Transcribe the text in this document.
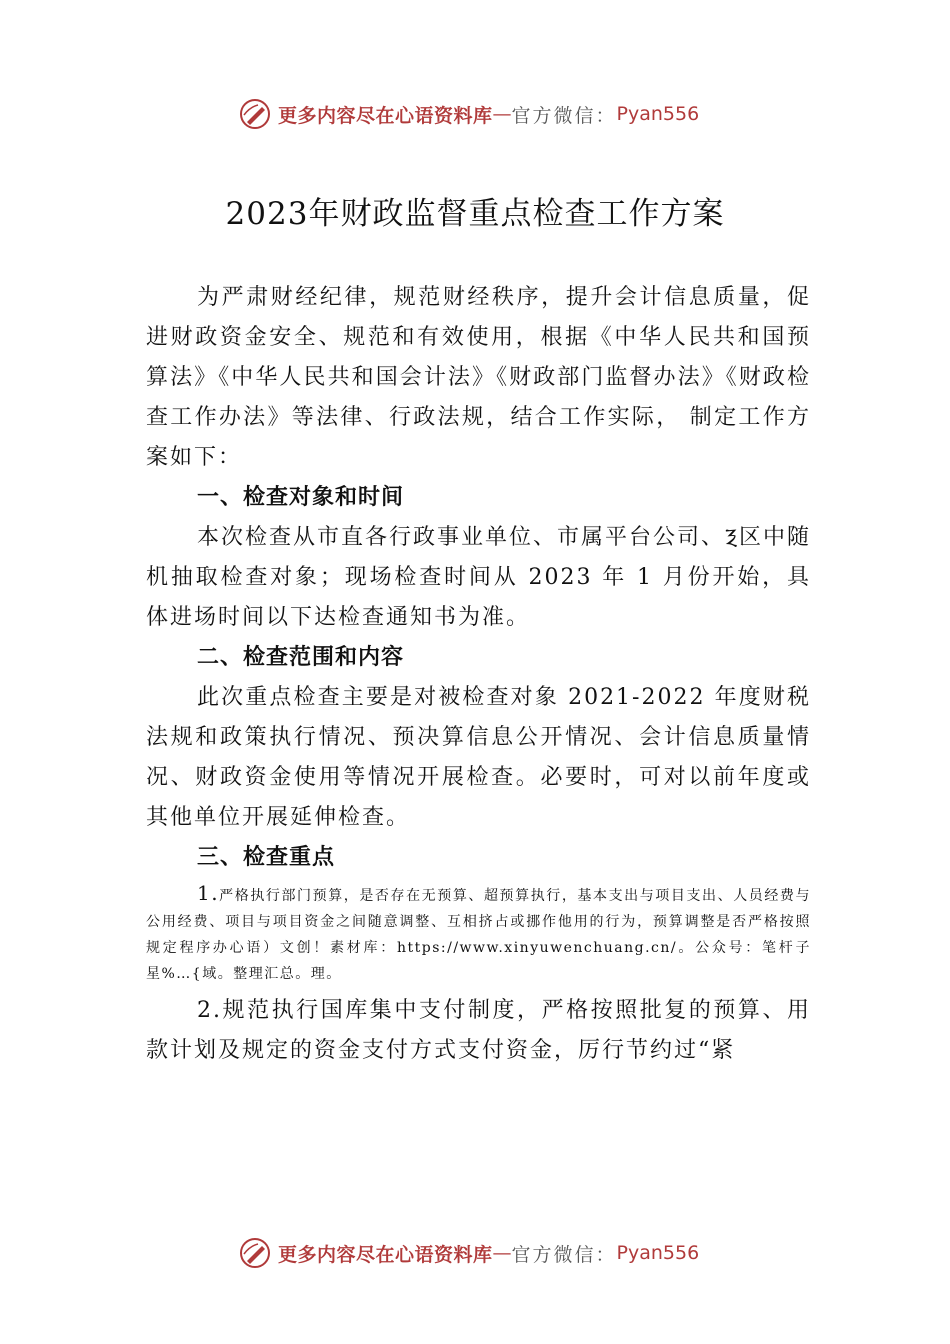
更多内容尽在心语资料库 — 官方微信： Pyan556
2023年财政监督重点检查工作方案
为严肃财经纪律，规范财经秩序，提升会计信息质量，促进财政资金安全、规范和有效使用，根据《中华人民共和国预算法》《中华人民共和国会计法》《财政部门监督办法》《财政检查工作办法》等法律、行政法规，结合工作实际， 制定工作方案如下：
一、检查对象和时间
本次检查从市直各行政事业单位、市属平台公司、Ⲝ区中随机抽取检查对象；现场检查时间从 2023 年 1 月份开始，具体进场时间以下达检查通知书为准。
二、检查范围和内容
此次重点检查主要是对被检查对象 2021-2022 年度财税法规和政策执行情况、预决算信息公开情况、会计信息质量情况、财政资金使用等情况开展检查。必要时，可对以前年度或其他单位开展延伸检查。
三、检查重点
1.严格执行部门预算，是否存在无预算、超预算执行，基本支出与项目支出、人员经费与公用经费、项目与项目资金之间随意调整、互相挤占或挪作他用的行为，预算调整是否严格按照规定程序办心语）文创！素材库：https://www.xinyuwenchuang.cn/。公众号：笔杆子星%…{域。整理汇总。理。
2.规范执行国库集中支付制度，严格按照批复的预算、用款计划及规定的资金支付方式支付资金，厉行节约过“紧
更多内容尽在心语资料库 — 官方微信： Pyan556
